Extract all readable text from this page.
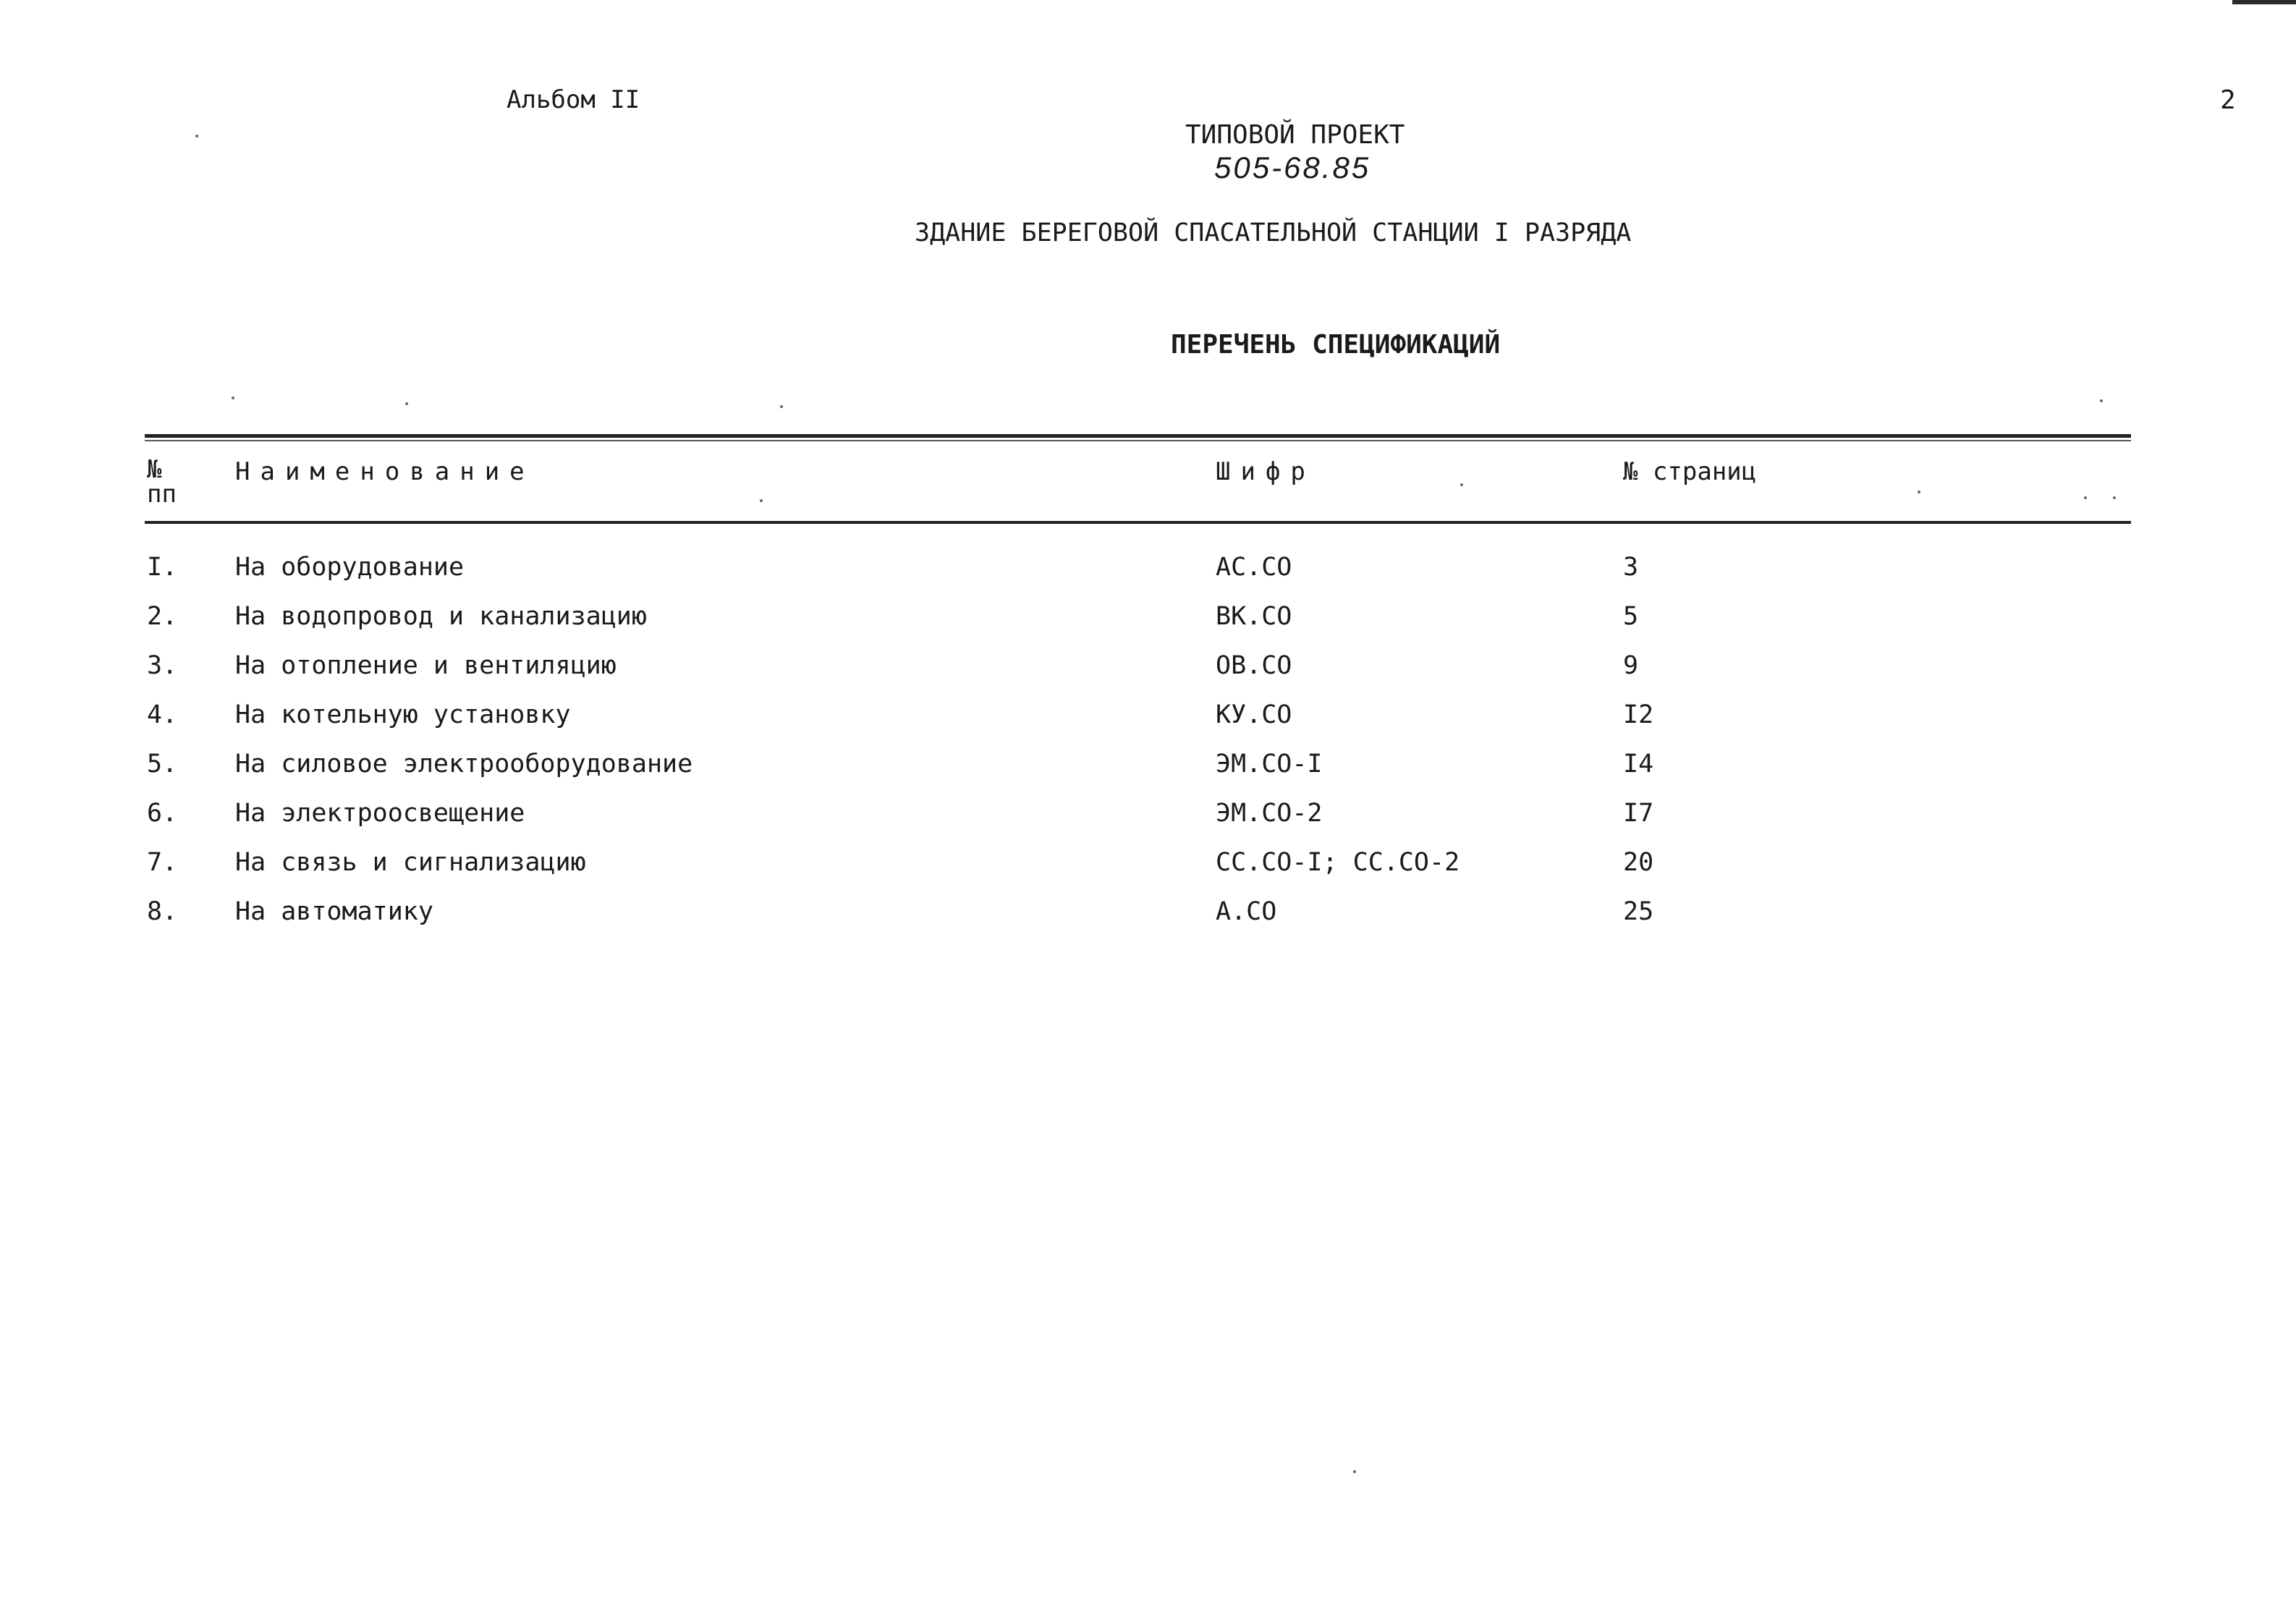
Альбом II	2
ТИПОВОЙ ПРОЕКТ
505-68.85
ЗДАНИЕ БЕРЕГОВОЙ СПАСАТЕЛЬНОЙ СТАНЦИИ I РАЗРЯДА
ПЕРЕЧЕНЬ СПЕЦИФИКАЦИЙ
№
пп
Наименование	Шифр	№ страниц
I. На оборудование	АС.СО	3
2. На водопровод и канализацию	ВК.СО	5
3. На отопление и вентиляцию	ОВ.СО	9
4. На котельную установку	КУ.СО	I2
5. На силовое электрооборудование	ЭМ.СО-I	I4
6. На электроосвещение	ЭМ.СО-2	I7
7. На связь и сигнализацию	СС.СО-I; СС.СО-2	20
8. На автоматику	А.СО	25
